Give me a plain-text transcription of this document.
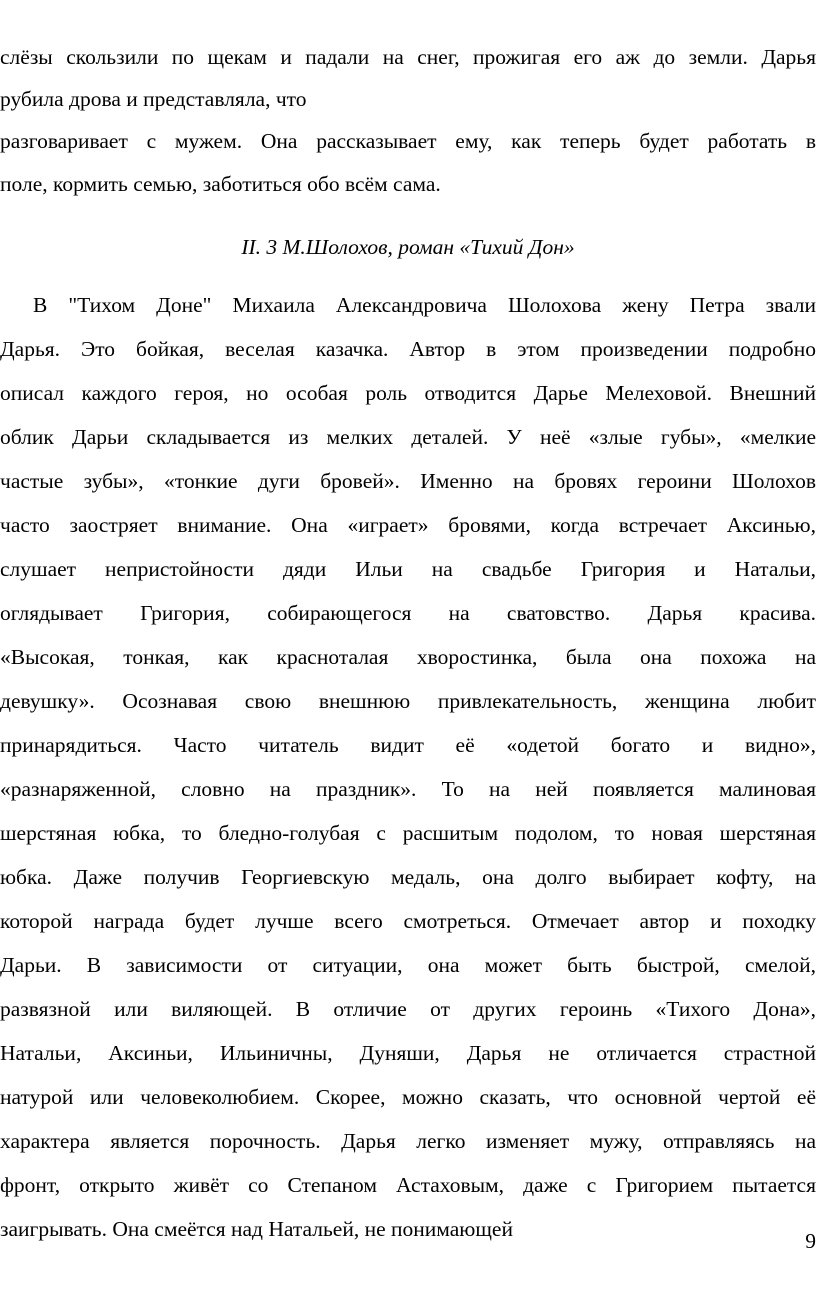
слёзы скользили по щекам и падали на снег, прожигая его аж до земли. Дарья
рубила дрова и представляла, что
разговаривает с мужем. Она рассказывает ему, как теперь будет работать в
поле, кормить семью, заботиться обо всём сама.
II. 3 М.Шолохов, роман «Тихий Дон»
В "Тихом Доне" Михаила Александровича Шолохова жену Петра звали
Дарья. Это бойкая, веселая казачка. Автор в этом произведении подробно
описал каждого героя, но особая роль отводится Дарье Мелеховой. Внешний
облик Дарьи складывается из мелких деталей. У неё «злые губы», «мелкие
частые зубы», «тонкие дуги бровей». Именно на бровях героини Шолохов
часто заостряет внимание. Она «играет» бровями, когда встречает Аксинью,
слушает непристойности дяди Ильи на свадьбе Григория и Натальи,
оглядывает Григория, собирающегося на сватовство. Дарья красива.
«Высокая, тонкая, как красноталая хворостинка, была она похожа на
девушку». Осознавая свою внешнюю привлекательность, женщина любит
принарядиться. Часто читатель видит её «одетой богато и видно»,
«разнаряженной, словно на праздник». То на ней появляется малиновая
шерстяная юбка, то бледно-голубая с расшитым подолом, то новая шерстяная
юбка. Даже получив Георгиевскую медаль, она долго выбирает кофту, на
которой награда будет лучше всего смотреться. Отмечает автор и походку
Дарьи. В зависимости от ситуации, она может быть быстрой, смелой,
развязной или виляющей. В отличие от других героинь «Тихого Дона»,
Натальи, Аксиньи, Ильиничны, Дуняши, Дарья не отличается страстной
натурой или человеколюбием. Скорее, можно сказать, что основной чертой её
характера является порочность. Дарья легко изменяет мужу, отправляясь на
фронт, открыто живёт со Степаном Астаховым, даже с Григорием пытается
заигрывать. Она смеётся над Натальей, не понимающей	9
